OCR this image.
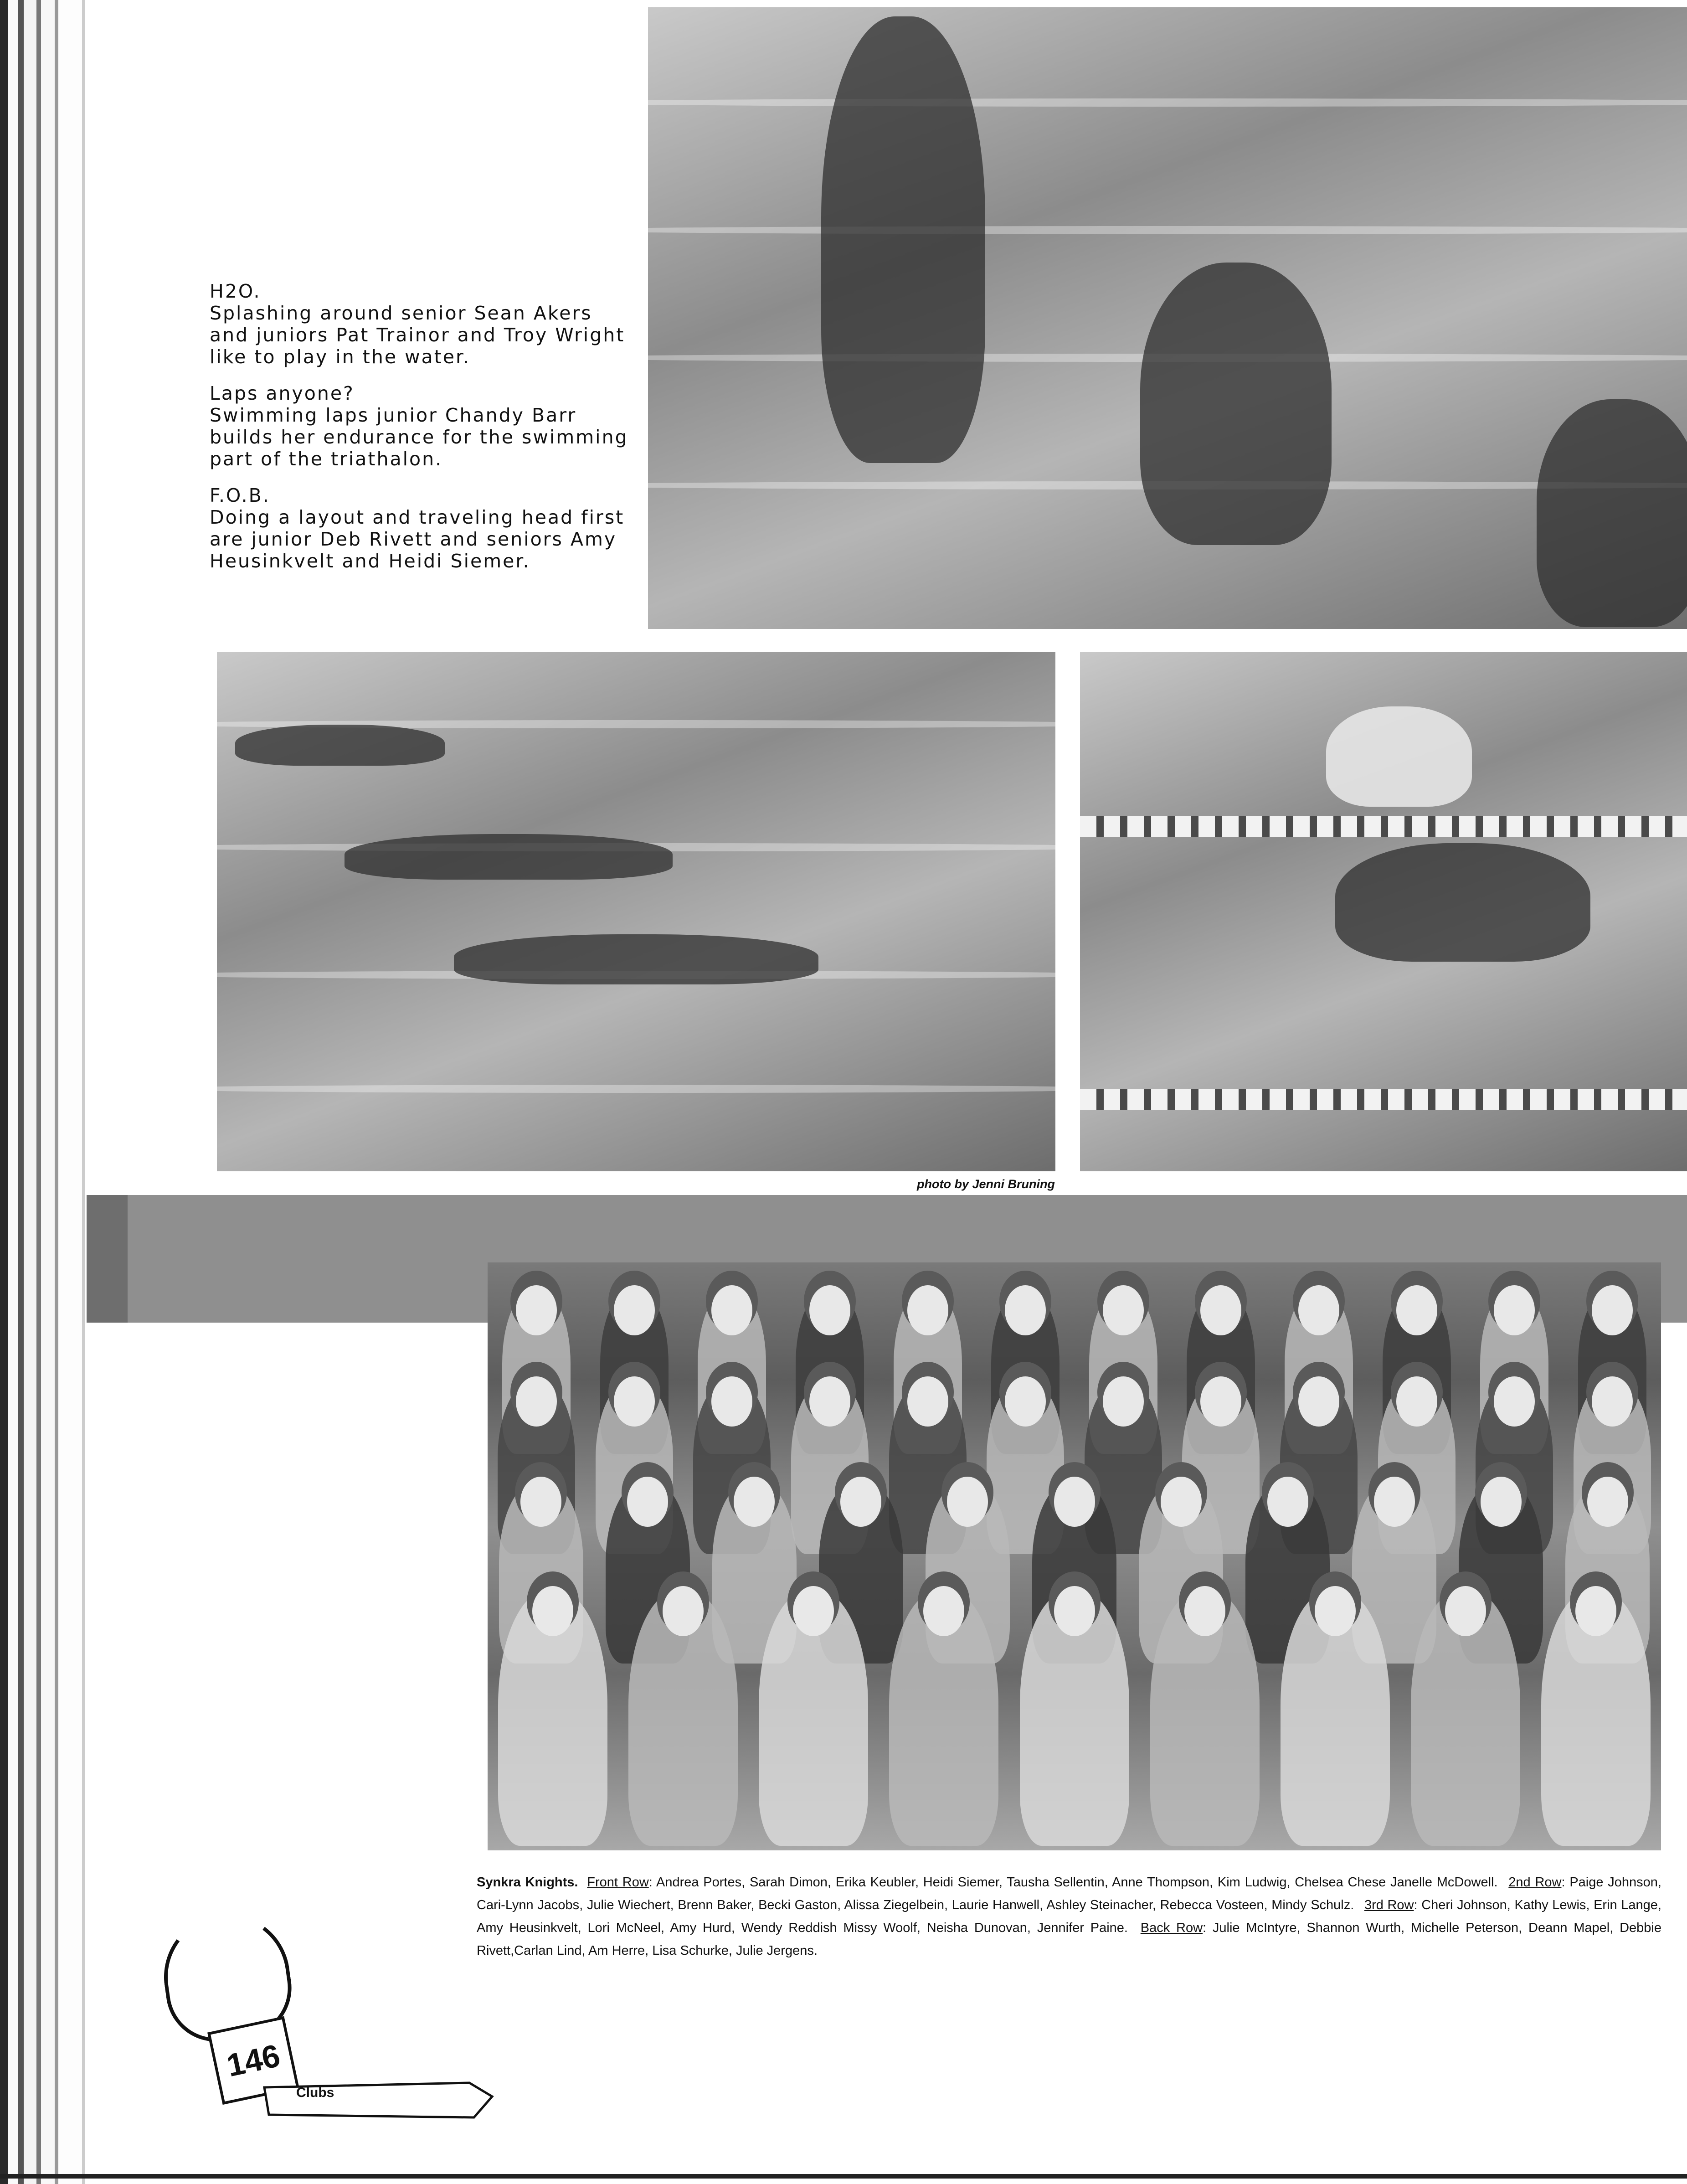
H2O.
Splashing around senior Sean Akers and juniors Pat Trainor and Troy Wright like to play in the water.
Laps anyone?
Swimming laps junior Chandy Barr builds her endurance for the swimming part of the triathalon.
F.O.B.
Doing a layout and traveling head first are junior Deb Rivett and seniors Amy Heusinkvelt and Heidi Siemer.
photo by Jenni Bruning
Synkra Knights. Front Row: Andrea Portes, Sarah Dimon, Erika Keubler, Heidi Siemer, Tausha Sellentin, Anne Thompson, Kim Ludwig, Chelsea Chese Janelle McDowell. 2nd Row: Paige Johnson, Cari-Lynn Jacobs, Julie Wiechert, Brenn Baker, Becki Gaston, Alissa Ziegelbein, Laurie Hanwell, Ashley Steinacher, Rebecca Vosteen, Mindy Schulz. 3rd Row: Cheri Johnson, Kathy Lewis, Erin Lange, Amy Heusinkvelt, Lori McNeel, Amy Hurd, Wendy Reddish Missy Woolf, Neisha Dunovan, Jennifer Paine. Back Row: Julie McIntyre, Shannon Wurth, Michelle Peterson, Deann Mapel, Debbie Rivett,Carlan Lind, Am Herre, Lisa Schurke, Julie Jergens.
146
Clubs
